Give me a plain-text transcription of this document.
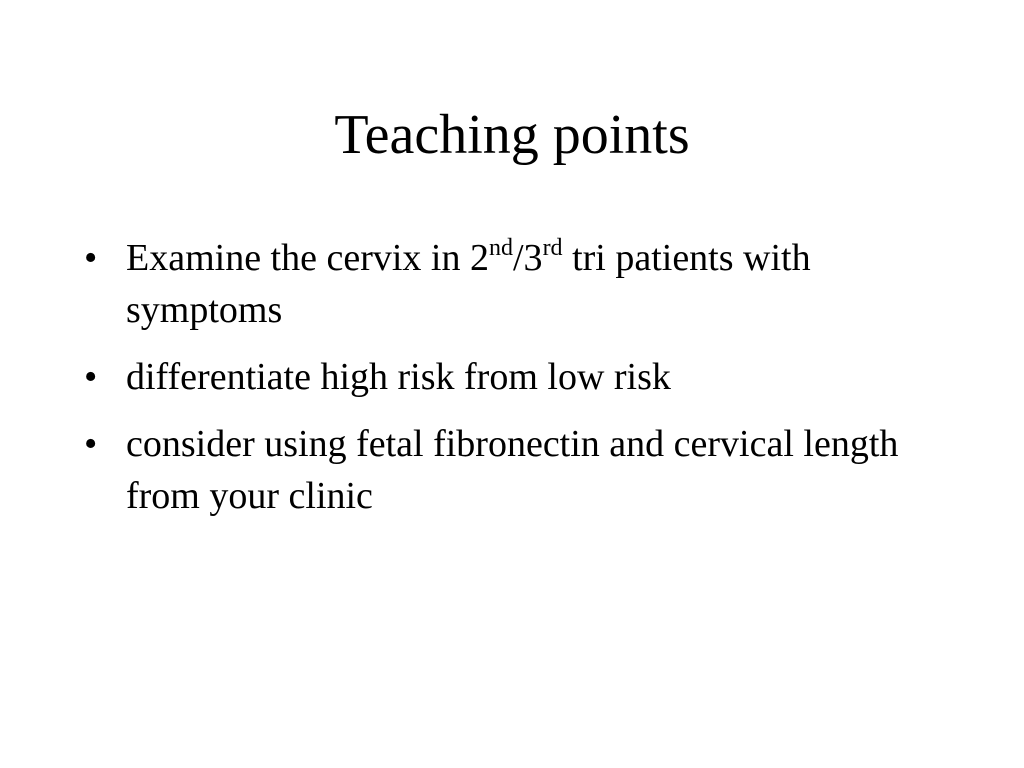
Teaching points
• Examine the cervix in 2nd/3rd tri patients with symptoms
• differentiate high risk from low risk
• consider using fetal fibronectin and cervical length from your clinic
